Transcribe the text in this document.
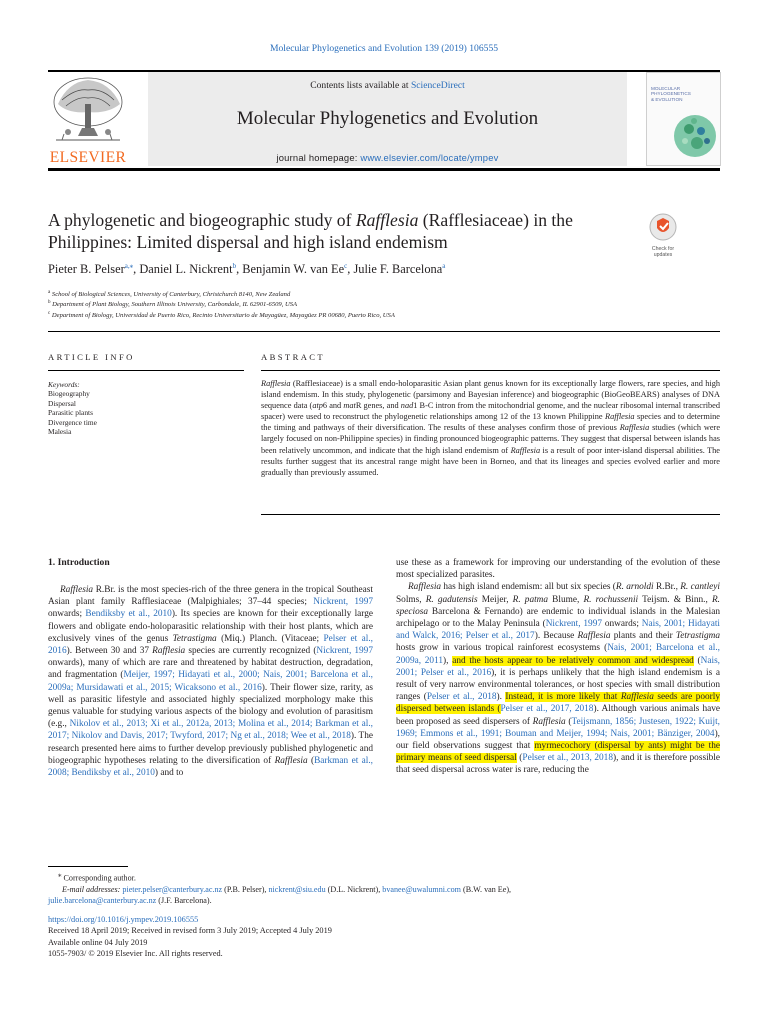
Molecular Phylogenetics and Evolution 139 (2019) 106555
ELSEVIER
Contents lists available at ScienceDirect
Molecular Phylogenetics and Evolution
journal homepage: www.elsevier.com/locate/ympev
MOLECULAR PHYLOGENETICS & EVOLUTION
A phylogenetic and biogeographic study of Rafflesia (Rafflesiaceae) in the Philippines: Limited dispersal and high island endemism	Check for updates
Pieter B. Pelser$^{a,⁎}$, Daniel L. Nickrent$^b$, Benjamin W. van Ee$^c$, Julie F. Barcelona$^a$
$^a$ School of Biological Sciences, University of Canterbury, Christchurch 8140, New Zealand
$^b$ Department of Plant Biology, Southern Illinois University, Carbondale, IL 62901-6509, USA
$^c$ Department of Biology, Universidad de Puerto Rico, Recinto Universitario de Mayagüez, Mayagüez PR 00680, Puerto Rico, USA
ARTICLE INFO	ABSTRACT
Keywords:
Biogeography
Dispersal
Parasitic plants
Divergence time
Malesia
Rafflesia (Rafflesiaceae) is a small endo-holoparasitic Asian plant genus known for its exceptionally large flowers, rare species, and high island endemism. In this study, phylogenetic (parsimony and Bayesian inference) and biogeographic (BioGeoBEARS) analyses of DNA sequence data (atp6 and matR genes, and nad1 B-C intron from the mitochondrial genome, and the nuclear ribosomal internal transcribed spacer) were used to reconstruct the phylogenetic relationships among 12 of the 13 known Philippine Rafflesia species and to determine the timing and pathways of their diversification. The results of these analyses confirm those of previous Rafflesia studies (which were largely focused on non-Philippine species) in finding pronounced biogeographic patterns. They suggest that dispersal between islands has been relatively uncommon, and indicate that the high island endemism of Rafflesia is a result of poor inter-island dispersal abilities. The results further suggest that its ancestral range might have been in Borneo, and that its lineages and species evolved earlier and more gradually than previously assumed.
1. Introduction

Rafflesia R.Br. is the most species-rich of the three genera in the tropical Southeast Asian plant family Rafflesiaceae (Malpighiales; 37–44 species; Nickrent, 1997 onwards; Bendiksby et al., 2010). Its species are known for their exceptionally large flowers and obligate endo-holoparasitic relationship with their host plants, which are exclusively vines of the genus Tetrastigma (Miq.) Planch. (Vitaceae; Pelser et al., 2016). Between 30 and 37 Rafflesia species are currently recognized (Nickrent, 1997 onwards), many of which are rare and threatened by habitat destruction, degradation, and fragmentation (Meijer, 1997; Hidayati et al., 2000; Nais, 2001; Barcelona et al., 2009a; Mursidawati et al., 2015; Wicaksono et al., 2016). Their flower size, rarity, as well as parasitic lifestyle and associated highly specialized morphology make this genus valuable for studying various aspects of the biology and evolution of parasitism (e.g., Nikolov et al., 2013; Xi et al., 2012a, 2013; Molina et al., 2014; Barkman et al., 2017; Nikolov and Davis, 2017; Twyford, 2017; Ng et al., 2018; Wee et al., 2018). The research presented here aims to further develop previously published phylogenetic and biogeographic hypotheses relating to the diversification of Rafflesia (Barkman et al., 2008; Bendiksby et al., 2010) and to

use these as a framework for improving our understanding of the evolution of these most specialized parasites.

Rafflesia has high island endemism: all but six species (R. arnoldi R.Br., R. cantleyi Solms, R. gadutensis Meijer, R. patma Blume, R. rochussenii Teijsm. & Binn., R. speciosa Barcelona & Fernando) are endemic to individual islands in the Malesian archipelago or to the Malay Peninsula (Nickrent, 1997 onwards; Nais, 2001; Hidayati and Walck, 2016; Pelser et al., 2017). Because Rafflesia plants and their Tetrastigma hosts grow in various tropical rainforest ecosystems (Nais, 2001; Barcelona et al., 2009a, 2011), and the hosts appear to be relatively common and widespread (Nais, 2001; Pelser et al., 2016), it is perhaps unlikely that the high island endemism is a result of very narrow environmental tolerances, or host species with small distribution ranges (Pelser et al., 2018). Instead, it is more likely that Rafflesia seeds are poorly dispersed between islands (Pelser et al., 2017, 2018). Although various animals have been proposed as seed dispersers of Rafflesia (Teijsmann, 1856; Justesen, 1922; Kuijt, 1969; Emmons et al., 1991; Bouman and Meijer, 1994; Nais, 2001; Bänziger, 2004), our field observations suggest that myrmecochory (dispersal by ants) might be the primary means of seed dispersal (Pelser et al., 2013, 2018), and it is therefore possible that seed dispersal across water is rare, reducing the

⁎ Corresponding author.
E-mail addresses: pieter.pelser@canterbury.ac.nz (P.B. Pelser), nickrent@siu.edu (D.L. Nickrent), bvanee@uwalumni.com (B.W. van Ee),
julie.barcelona@canterbury.ac.nz (J.F. Barcelona).
https://doi.org/10.1016/j.ympev.2019.106555
Received 18 April 2019; Received in revised form 3 July 2019; Accepted 4 July 2019
Available online 04 July 2019
1055-7903/ © 2019 Elsevier Inc. All rights reserved.
